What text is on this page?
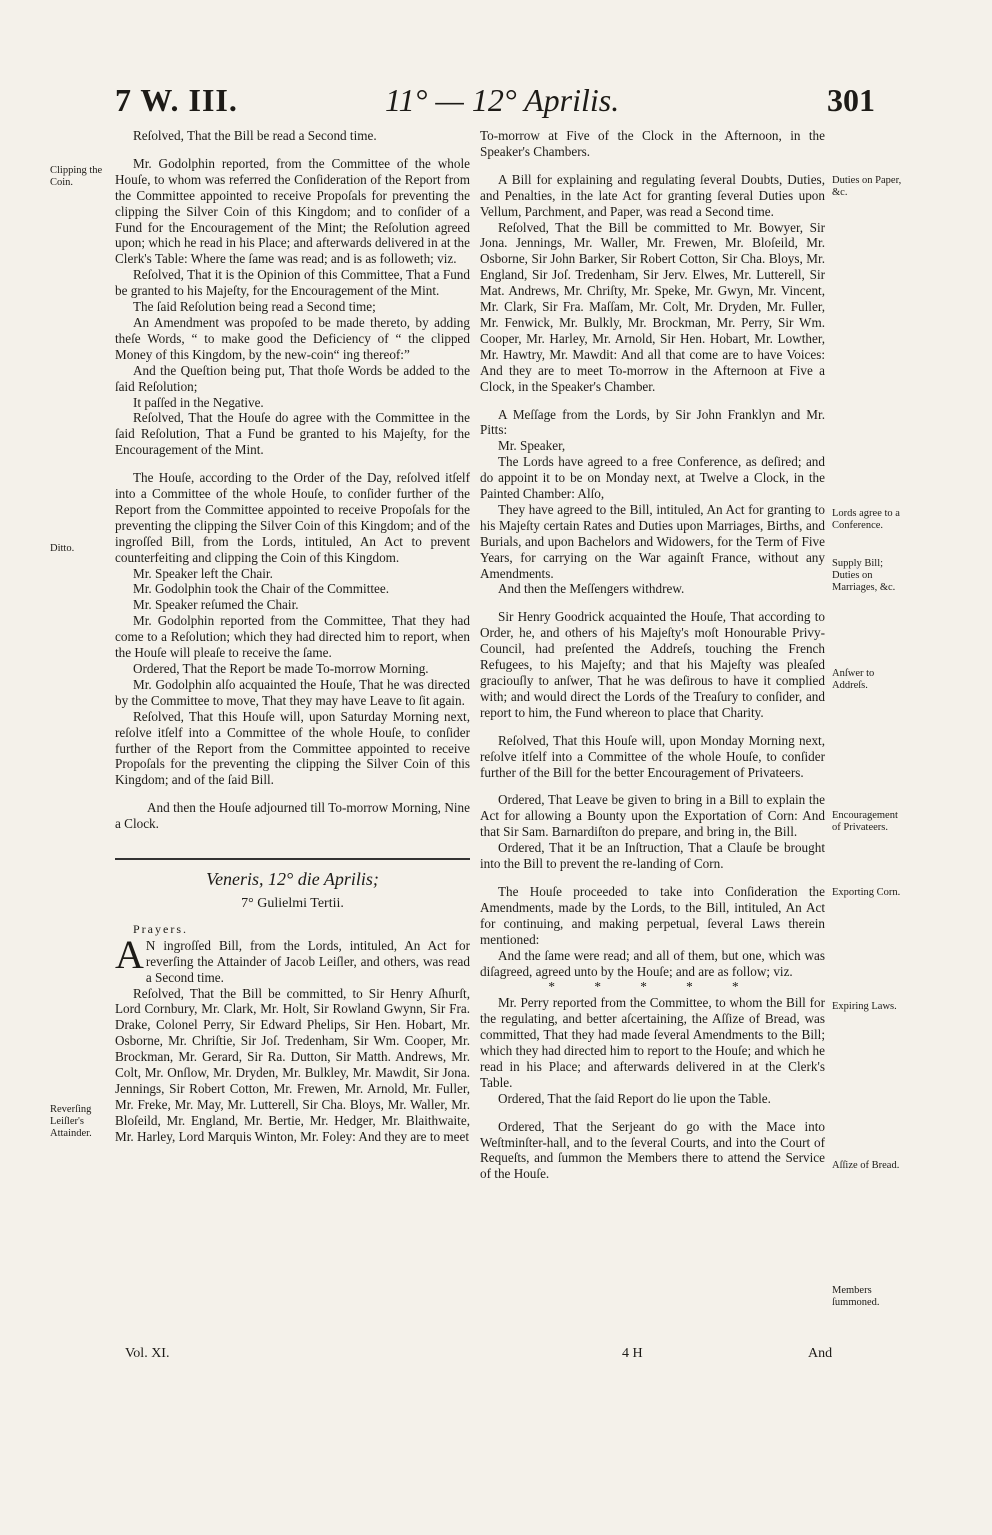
7 W. III.	11° — 12° Aprilis.	301
Clipping the Coin.
Ditto.
Reverſing Leiſler's Attainder.
Duties on Paper, &c.
Lords agree to a Conference.
Supply Bill; Duties on Marriages, &c.
Anſwer to Addreſs.
Encouragement of Privateers.
Exporting Corn.
Expiring Laws.
Aſſize of Bread.
Members ſummoned.

Reſolved, That the Bill be read a Second time.

Mr. Godolphin reported, from the Committee of the whole Houſe, to whom was referred the Conſideration of the Report from the Committee appointed to receive Propoſals for preventing the clipping the Silver Coin of this Kingdom; and to conſider of a Fund for the Encouragement of the Mint; the Reſolution agreed upon; which he read in his Place; and afterwards delivered in at the Clerk's Table: Where the ſame was read; and is as followeth; viz.

Reſolved, That it is the Opinion of this Committee, That a Fund be granted to his Majeſty, for the Encouragement of the Mint.

The ſaid Reſolution being read a Second time;

An Amendment was propoſed to be made thereto, by adding theſe Words, “ to make good the Deficiency of “ the clipped Money of this Kingdom, by the new-coin“ ing thereof:”

And the Queſtion being put, That thoſe Words be added to the ſaid Reſolution;

It paſſed in the Negative.

Reſolved, That the Houſe do agree with the Committee in the ſaid Reſolution, That a Fund be granted to his Majeſty, for the Encouragement of the Mint.

The Houſe, according to the Order of the Day, reſolved itſelf into a Committee of the whole Houſe, to conſider further of the Report from the Committee appointed to receive Propoſals for the preventing the clipping the Silver Coin of this Kingdom; and of the ingroſſed Bill, from the Lords, intituled, An Act to prevent counterfeiting and clipping the Coin of this Kingdom.

Mr. Speaker left the Chair.

Mr. Godolphin took the Chair of the Committee.

Mr. Speaker reſumed the Chair.

Mr. Godolphin reported from the Committee, That they had come to a Reſolution; which they had directed him to report, when the Houſe will pleaſe to receive the ſame.

Ordered, That the Report be made To-morrow Morning.

Mr. Godolphin alſo acquainted the Houſe, That he was directed by the Committee to move, That they may have Leave to ſit again.

Reſolved, That this Houſe will, upon Saturday Morning next, reſolve itſelf into a Committee of the whole Houſe, to conſider further of the Report from the Committee appointed to receive Propoſals for the preventing the clipping the Silver Coin of this Kingdom; and of the ſaid Bill.

And then the Houſe adjourned till To-morrow Morning, Nine a Clock.

Veneris, 12° die Aprilis;

7° Gulielmi Tertii.

Prayers.

A N ingroſſed Bill, from the Lords, intituled, An Act for reverſing the Attainder of Jacob Leiſler, and others, was read a Second time.

Reſolved, That the Bill be committed, to Sir Henry Aſhurſt, Lord Cornbury, Mr. Clark, Mr. Holt, Sir Rowland Gwynn, Sir Fra. Drake, Colonel Perry, Sir Edward Phelips, Sir Hen. Hobart, Mr. Osborne, Mr. Chriſtie, Sir Joſ. Tredenham, Sir Wm. Cooper, Mr. Brockman, Mr. Gerard, Sir Ra. Dutton, Sir Matth. Andrews, Mr. Colt, Mr. Onſlow, Mr. Dryden, Mr. Bulkley, Mr. Mawdit, Sir Jona. Jennings, Sir Robert Cotton, Mr. Frewen, Mr. Arnold, Mr. Fuller, Mr. Freke, Mr. May, Mr. Lutterell, Sir Cha. Bloys, Mr. Waller, Mr. Bloſeild, Mr. England, Mr. Bertie, Mr. Hedger, Mr. Blaithwaite, Mr. Harley, Lord Marquis Winton, Mr. Foley: And they are to meet

To-morrow at Five of the Clock in the Afternoon, in the Speaker's Chambers.

A Bill for explaining and regulating ſeveral Doubts, Duties, and Penalties, in the late Act for granting ſeveral Duties upon Vellum, Parchment, and Paper, was read a Second time.

Reſolved, That the Bill be committed to Mr. Bowyer, Sir Jona. Jennings, Mr. Waller, Mr. Frewen, Mr. Bloſeild, Mr. Osborne, Sir John Barker, Sir Robert Cotton, Sir Cha. Bloys, Mr. England, Sir Joſ. Tredenham, Sir Jerv. Elwes, Mr. Lutterell, Sir Mat. Andrews, Mr. Chriſty, Mr. Speke, Mr. Gwyn, Mr. Vincent, Mr. Clark, Sir Fra. Maſſam, Mr. Colt, Mr. Dryden, Mr. Fuller, Mr. Fenwick, Mr. Bulkly, Mr. Brockman, Mr. Perry, Sir Wm. Cooper, Mr. Harley, Mr. Arnold, Sir Hen. Hobart, Mr. Lowther, Mr. Hawtry, Mr. Mawdit: And all that come are to have Voices: And they are to meet To-morrow in the Afternoon at Five a Clock, in the Speaker's Chamber.

A Meſſage from the Lords, by Sir John Franklyn and Mr. Pitts:

Mr. Speaker,

The Lords have agreed to a free Conference, as deſired; and do appoint it to be on Monday next, at Twelve a Clock, in the Painted Chamber: Alſo,

They have agreed to the Bill, intituled, An Act for granting to his Majeſty certain Rates and Duties upon Marriages, Births, and Burials, and upon Bachelors and Widowers, for the Term of Five Years, for carrying on the War againſt France, without any Amendments.

And then the Meſſengers withdrew.

Sir Henry Goodrick acquainted the Houſe, That according to Order, he, and others of his Majeſty's moſt Honourable Privy-Council, had preſented the Addreſs, touching the French Refugees, to his Majeſty; and that his Majeſty was pleaſed graciouſly to anſwer, That he was deſirous to have it complied with; and would direct the Lords of the Treaſury to conſider, and report to him, the Fund whereon to place that Charity.

Reſolved, That this Houſe will, upon Monday Morning next, reſolve itſelf into a Committee of the whole Houſe, to conſider further of the Bill for the better Encouragement of Privateers.

Ordered, That Leave be given to bring in a Bill to explain the Act for allowing a Bounty upon the Exportation of Corn: And that Sir Sam. Barnardiſton do prepare, and bring in, the Bill.

Ordered, That it be an Inſtruction, That a Clauſe be brought into the Bill to prevent the re-landing of Corn.

The Houſe proceeded to take into Conſideration the Amendments, made by the Lords, to the Bill, intituled, An Act for continuing, and making perpetual, ſeveral Laws therein mentioned:

And the ſame were read; and all of them, but one, which was diſagreed, agreed unto by the Houſe; and are as follow; viz.

* * * * *

Mr. Perry reported from the Committee, to whom the Bill for the regulating, and better aſcertaining, the Aſſize of Bread, was committed, That they had made ſeveral Amendments to the Bill; which they had directed him to report to the Houſe; and which he read in his Place; and afterwards delivered in at the Clerk's Table.

Ordered, That the ſaid Report do lie upon the Table.

Ordered, That the Serjeant do go with the Mace into Weſtminſter-hall, and to the ſeveral Courts, and into the Court of Requeſts, and ſummon the Members there to attend the Service of the Houſe.

Vol. XI.	4 H	And
